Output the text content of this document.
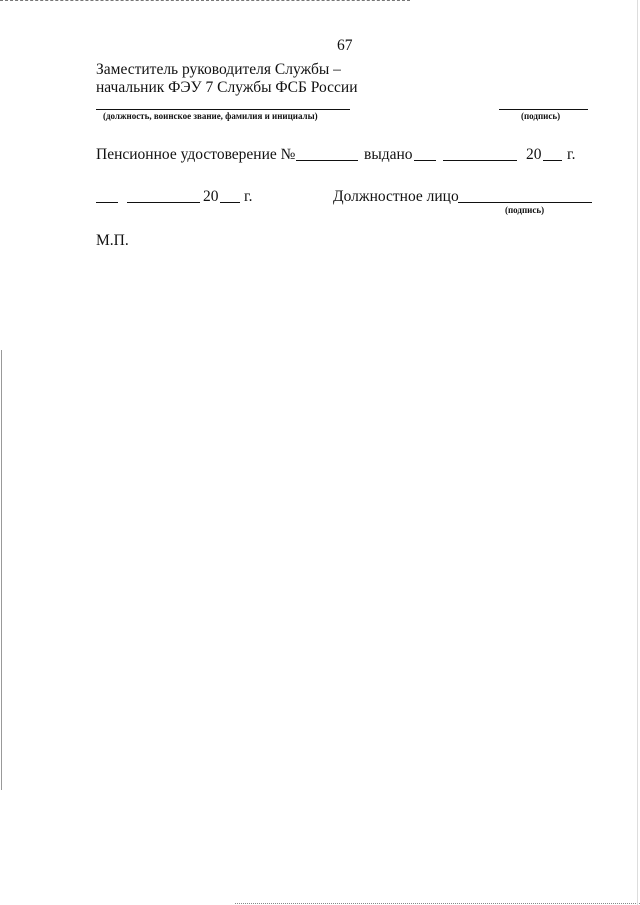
67
Заместитель руководителя Службы –
начальник ФЭУ 7 Службы ФСБ России
(должность, воинское звание, фамилия и инициалы)	(подпись)
Пенсионное удостоверение №	выдано	20 г.
20 г.	Должностное лицо
(подпись)
М.П.
